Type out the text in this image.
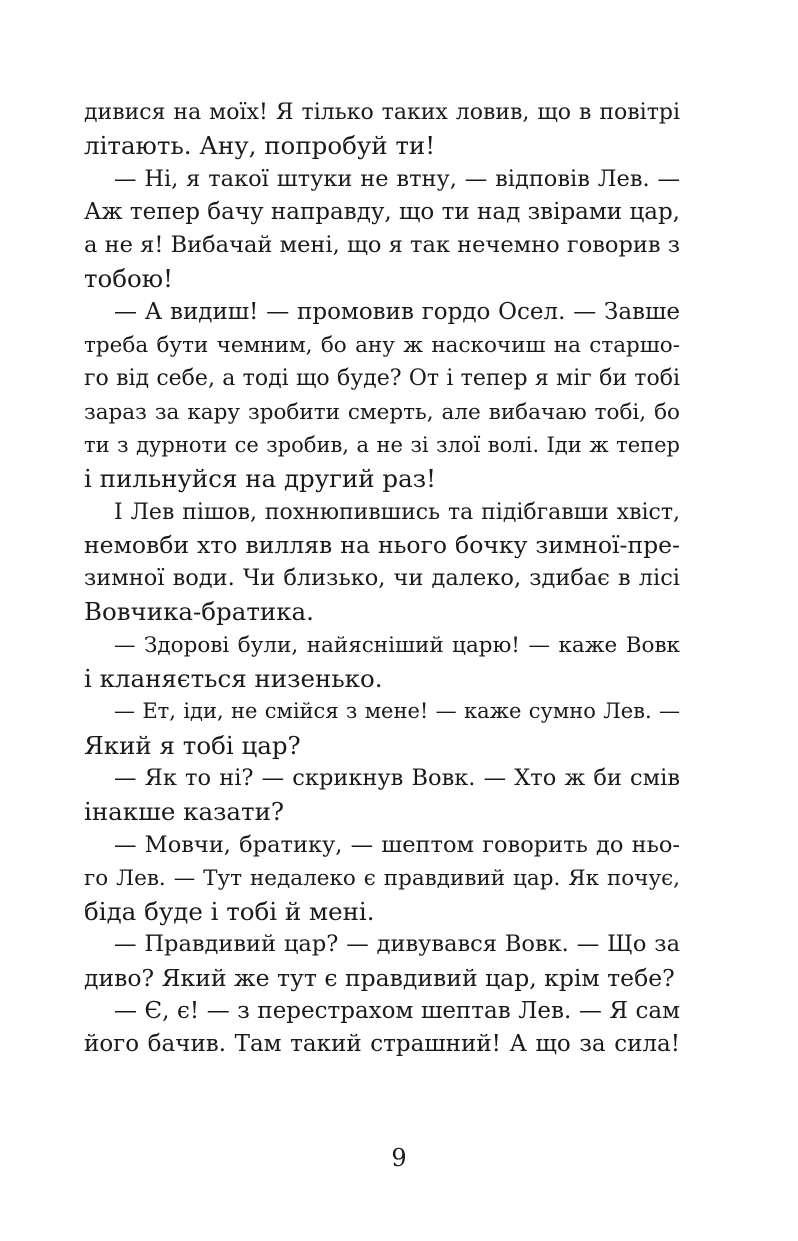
дивися на моїх! Я тілько таких ловив, що в повітрі
літають. Ану, попробуй ти!
— Ні, я такої штуки не втну, — відповів Лев. —
Аж тепер бачу направду, що ти над звірами цар,
а не я! Вибачай мені, що я так нечемно говорив з
тобою!
— А видиш! — промовив гордо Осел. — Завше
треба бути чемним, бо ану ж наскочиш на старшо-
го від себе, а тоді що буде? От і тепер я міг би тобі
зараз за кару зробити смерть, але вибачаю тобі, бо
ти з дурноти се зробив, а не зі злої волі. Іди ж тепер
і пильнуйся на другий раз!
І Лев пішов, похнюпившись та підібгавши хвіст,
немовби хто вилляв на нього бочку зимної-пре-
зимної води. Чи близько, чи далеко, здибає в лісі
Вовчика-братика.
— Здорові були, найясніший царю! — каже Вовк
і кланяється низенько.
— Ет, іди, не смійся з мене! — каже сумно Лев. —
Який я тобі цар?
— Як то ні? — скрикнув Вовк. — Хто ж би смів
інакше казати?
— Мовчи, братику, — шептом говорить до ньо-
го Лев. — Тут недалеко є правдивий цар. Як почує,
біда буде і тобі й мені.
— Правдивий цар? — дивувався Вовк. — Що за
диво? Який же тут є правдивий цар, крім тебе?
— Є, є! — з перестрахом шептав Лев. — Я сам
його бачив. Там такий страшний! А що за сила!
9
